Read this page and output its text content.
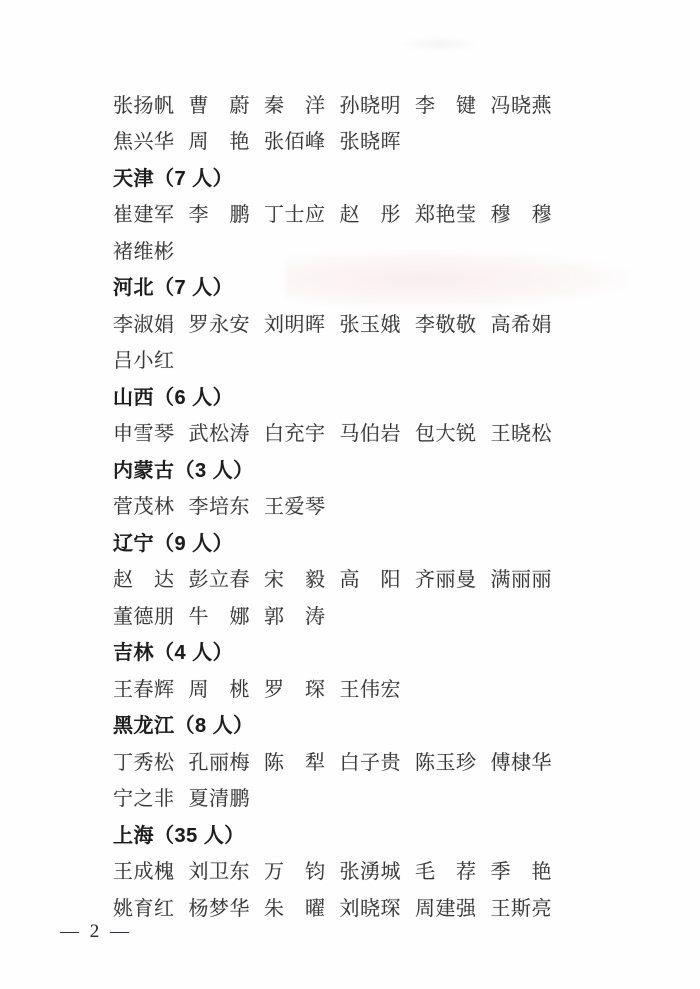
张扬帆 曹　蔚 秦　洋 孙晓明 李　键 冯晓燕
焦兴华 周　艳 张佰峰 张晓晖
天津（7 人）
崔建军 李　鹏 丁士应 赵　彤 郑艳莹 穆　穆
褚维彬
河北（7 人）
李淑娟 罗永安 刘明晖 张玉娥 李敬敬 高希娟
吕小红
山西（6 人）
申雪琴 武松涛 白充宇 马伯岩 包大锐 王晓松
内蒙古（3 人）
菅茂林 李培东 王爱琴
辽宁（9 人）
赵　达 彭立春 宋　毅 高　阳 齐丽曼 满丽丽
董德朋 牛　娜 郭　涛
吉林（4 人）
王春辉 周　桃 罗　琛 王伟宏
黑龙江（8 人）
丁秀松 孔丽梅 陈　犁 白子贵 陈玉珍 傅棣华
宁之非 夏清鹏
上海（35 人）
王成槐 刘卫东 万　钧 张湧城 毛　荐 季　艳
姚育红 杨梦华 朱　曜 刘晓琛 周建强 王斯亮
— 2 —
